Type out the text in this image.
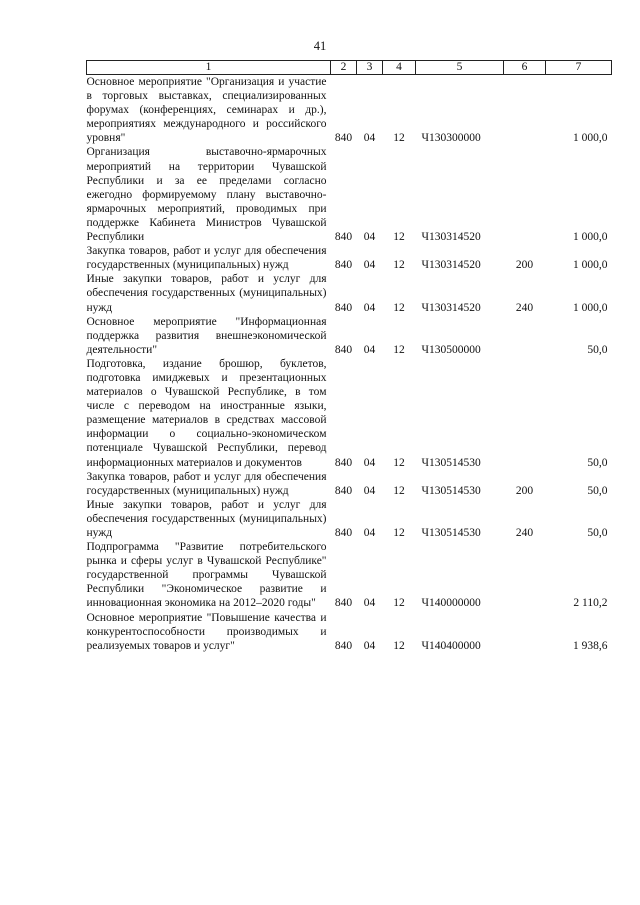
41
1	2	3	4	5	6	7
Основное мероприятие "Организация и участие в торговых выставках, специализированных форумах (конференциях, семинарах и др.), мероприятиях международного и российского уровня"	840	04	12	Ч130300000		1 000,0
Организация выставочно-ярмарочных мероприятий на территории Чувашской Республики и за ее пределами согласно ежегодно формируемому плану выставочно-ярмарочных мероприятий, проводимых при поддержке Кабинета Министров Чувашской Республики	840	04	12	Ч130314520		1 000,0
Закупка товаров, работ и услуг для обеспечения государственных (муниципальных) нужд	840	04	12	Ч130314520	200	1 000,0
Иные закупки товаров, работ и услуг для обеспечения государственных (муниципальных) нужд	840	04	12	Ч130314520	240	1 000,0
Основное мероприятие "Информационная поддержка развития внешнеэкономической деятельности"	840	04	12	Ч130500000		50,0
Подготовка, издание брошюр, буклетов, подготовка имиджевых и презентационных материалов о Чувашской Республике, в том числе с переводом на иностранные языки, размещение материалов в средствах массовой информации о социально-экономическом потенциале Чувашской Республики, перевод информационных материалов и документов	840	04	12	Ч130514530		50,0
Закупка товаров, работ и услуг для обеспечения государственных (муниципальных) нужд	840	04	12	Ч130514530	200	50,0
Иные закупки товаров, работ и услуг для обеспечения государственных (муниципальных) нужд	840	04	12	Ч130514530	240	50,0
Подпрограмма "Развитие потребительского рынка и сферы услуг в Чувашской Республике" государственной программы Чувашской Республики "Экономическое развитие и инновационная экономика на 2012–2020 годы"	840	04	12	Ч140000000		2 110,2
Основное мероприятие "Повышение качества и конкурентоспособности производимых и реализуемых товаров и услуг"	840	04	12	Ч140400000		1 938,6
